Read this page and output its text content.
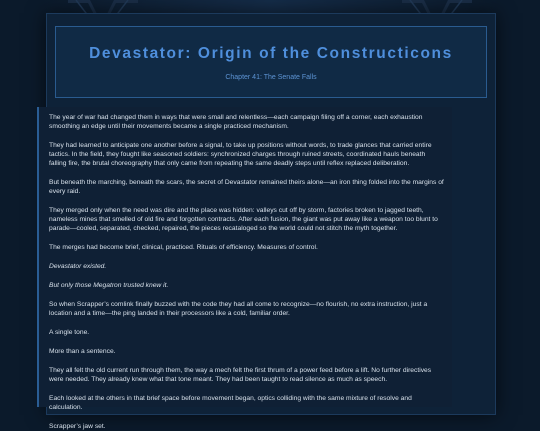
Devastator: Origin of the Constructicons
Chapter 41: The Senate Falls

The year of war had changed them in ways that were small and relentless—each campaign filing off a corner, each exhaustion smoothing an edge until their movements became a single practiced mechanism.

They had learned to anticipate one another before a signal, to take up positions without words, to trade glances that carried entire tactics. In the field, they fought like seasoned soldiers: synchronized charges through ruined streets, coordinated hauls beneath falling fire, the brutal choreography that only came from repeating the same deadly steps until reflex replaced deliberation.

But beneath the marching, beneath the scars, the secret of Devastator remained theirs alone—an iron thing folded into the margins of every raid.

They merged only when the need was dire and the place was hidden: valleys cut off by storm, factories broken to jagged teeth, nameless mines that smelled of old fire and forgotten contracts. After each fusion, the giant was put away like a weapon too blunt to parade—cooled, separated, checked, repaired, the pieces recataloged so the world could not stitch the myth together.

The merges had become brief, clinical, practiced. Rituals of efficiency. Measures of control.

Devastator existed.

But only those Megatron trusted knew it.

So when Scrapper’s comlink finally buzzed with the code they had all come to recognize—no flourish, no extra instruction, just a location and a time—the ping landed in their processors like a cold, familiar order.

A single tone.

More than a sentence.

They all felt the old current run through them, the way a mech felt the first thrum of a power feed before a lift. No further directives were needed. They already knew what that tone meant. They had been taught to read silence as much as speech.

Each looked at the others in that brief space before movement began, optics colliding with the same mixture of resolve and calculation.

Scrapper’s jaw set.
